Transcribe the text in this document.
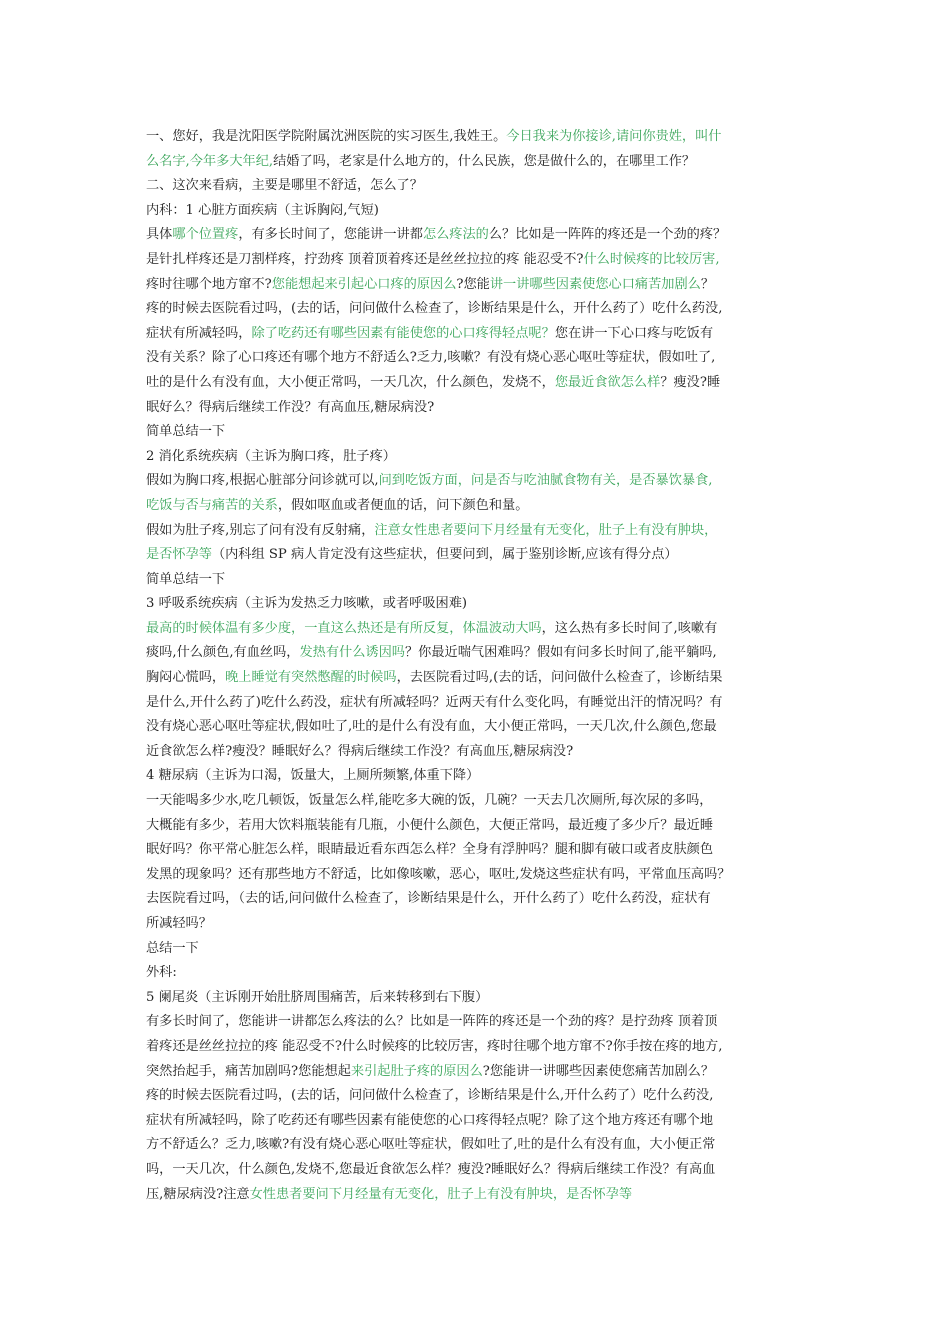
一、您好，我是沈阳医学院附属沈洲医院的实习医生,我姓王。今日我来为你接诊,请问你贵姓，叫什
么名字,今年多大年纪,结婚了吗，老家是什么地方的，什么民族，您是做什么的，在哪里工作？
二、这次来看病，主要是哪里不舒适，怎么了？
内科：1 心脏方面疾病（主诉胸闷,气短)
具体哪个位置疼，有多长时间了，您能讲一讲都怎么疼法的么？比如是一阵阵的疼还是一个劲的疼？
是针扎样疼还是刀割样疼，拧劲疼 顶着顶着疼还是丝丝拉拉的疼 能忍受不?什么时候疼的比较厉害,
疼时往哪个地方窜不?您能想起来引起心口疼的原因么?您能讲一讲哪些因素使您心口痛苦加剧么？
疼的时候去医院看过吗，(去的话，问问做什么检查了，诊断结果是什么，开什么药了）吃什么药没,
症状有所减轻吗，除了吃药还有哪些因素有能使您的心口疼得轻点呢？您在讲一下心口疼与吃饭有
没有关系？除了心口疼还有哪个地方不舒适么?乏力,咳嗽？有没有烧心恶心呕吐等症状，假如吐了,
吐的是什么有没有血，大小便正常吗，一天几次，什么颜色，发烧不，您最近食欲怎么样？瘦没?睡
眠好么？得病后继续工作没？有高血压,糖尿病没?
简单总结一下
2 消化系统疾病（主诉为胸口疼，肚子疼）
假如为胸口疼,根据心脏部分问诊就可以,问到吃饭方面，问是否与吃油腻食物有关，是否暴饮暴食,
吃饭与否与痛苦的关系，假如呕血或者便血的话，问下颜色和量。
假如为肚子疼,别忘了问有没有反射痛，注意女性患者要问下月经量有无变化，肚子上有没有肿块，
是否怀孕等（内科组 SP 病人肯定没有这些症状，但要问到，属于鉴别诊断,应该有得分点）
简单总结一下
3 呼吸系统疾病（主诉为发热乏力咳嗽，或者呼吸困难)
最高的时候体温有多少度，一直这么热还是有所反复，体温波动大吗，这么热有多长时间了,咳嗽有
痰吗,什么颜色,有血丝吗，发热有什么诱因吗？你最近喘气困难吗？假如有问多长时间了,能平躺吗,
胸闷心慌吗，晚上睡觉有突然憋醒的时候吗，去医院看过吗,(去的话，问问做什么检查了，诊断结果
是什么,开什么药了)吃什么药没，症状有所减轻吗？近两天有什么变化吗，有睡觉出汗的情况吗？有
没有烧心恶心呕吐等症状,假如吐了,吐的是什么有没有血，大小便正常吗，一天几次,什么颜色,您最
近食欲怎么样?瘦没？睡眠好么？得病后继续工作没？有高血压,糖尿病没?
4 糖尿病（主诉为口渴，饭量大，上厕所频繁,体重下降）
一天能喝多少水,吃几顿饭，饭量怎么样,能吃多大碗的饭，几碗？一天去几次厕所,每次尿的多吗，
大概能有多少，若用大饮料瓶装能有几瓶，小便什么颜色，大便正常吗，最近瘦了多少斤？最近睡
眠好吗？你平常心脏怎么样，眼睛最近看东西怎么样？全身有浮肿吗？腿和脚有破口或者皮肤颜色
发黑的现象吗？还有那些地方不舒适，比如像咳嗽，恶心，呕吐,发烧这些症状有吗，平常血压高吗？
去医院看过吗，（去的话,问问做什么检查了，诊断结果是什么，开什么药了）吃什么药没，症状有
所减轻吗？
总结一下
外科:
5 阑尾炎（主诉刚开始肚脐周围痛苦，后来转移到右下腹）
有多长时间了，您能讲一讲都怎么疼法的么？比如是一阵阵的疼还是一个劲的疼？是拧劲疼 顶着顶
着疼还是丝丝拉拉的疼 能忍受不?什么时候疼的比较厉害，疼时往哪个地方窜不?你手按在疼的地方,
突然抬起手，痛苦加剧吗?您能想起来引起肚子疼的原因么?您能讲一讲哪些因素使您痛苦加剧么？
疼的时候去医院看过吗，(去的话，问问做什么检查了，诊断结果是什么,开什么药了）吃什么药没,
症状有所减轻吗，除了吃药还有哪些因素有能使您的心口疼得轻点呢？除了这个地方疼还有哪个地
方不舒适么？乏力,咳嗽?有没有烧心恶心呕吐等症状，假如吐了,吐的是什么有没有血，大小便正常
吗，一天几次，什么颜色,发烧不,您最近食欲怎么样？瘦没?睡眠好么？得病后继续工作没？有高血
压,糖尿病没?注意女性患者要问下月经量有无变化，肚子上有没有肿块，是否怀孕等
